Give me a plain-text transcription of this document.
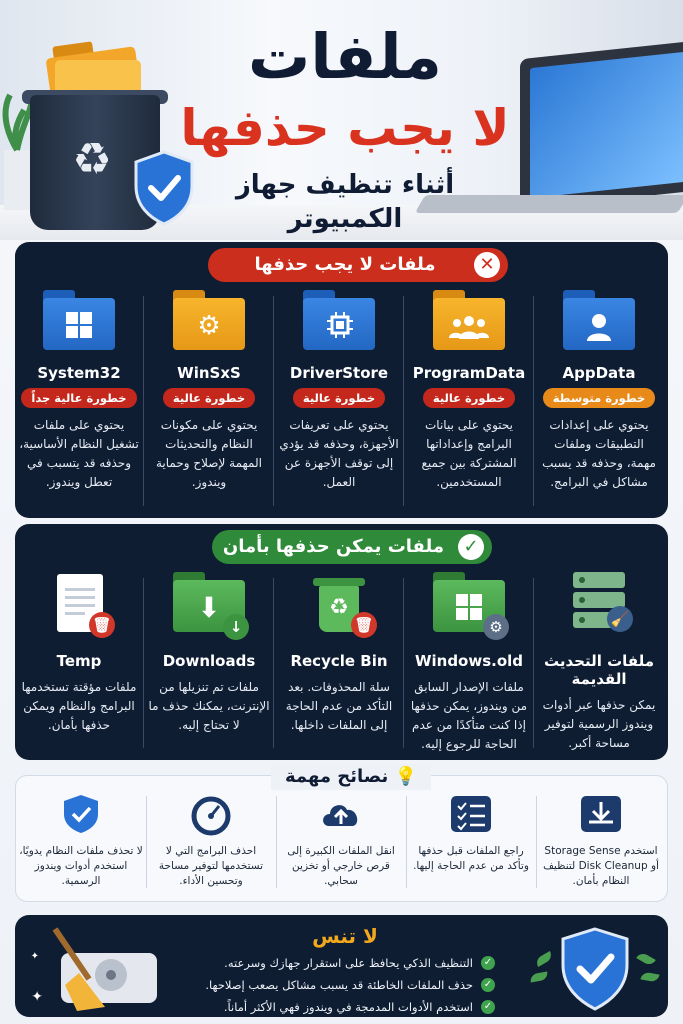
♻
ملفات
لا يجب حذفها
أثناء تنظيف جهاز الكمبيوتر
✕
ملفات لا يجب حذفها
AppData
خطورة متوسطة
يحتوي على إعدادات التطبيقات وملفات مهمة، وحذفه قد يسبب مشاكل في البرامج.
ProgramData
خطورة عالية
يحتوي على بيانات البرامج وإعداداتها المشتركة بين جميع المستخدمين.
DriverStore
خطورة عالية
يحتوي على تعريفات الأجهزة، وحذفه قد يؤدي إلى توقف الأجهزة عن العمل.
⚙
WinSxS
خطورة عالية
يحتوي على مكونات النظام والتحديثات المهمة لإصلاح وحماية ويندوز.
System32
خطورة عالية جداً
يحتوي على ملفات تشغيل النظام الأساسية، وحذفه قد يتسبب في تعطل ويندوز.
✓
ملفات يمكن حذفها بأمان
🧹
ملفات التحديث القديمة
يمكن حذفها عبر أدوات ويندوز الرسمية لتوفير مساحة أكبر.
⚙
Windows.old
ملفات الإصدار السابق من ويندوز، يمكن حذفها إذا كنت متأكدًا من عدم الحاجة للرجوع إليه.
♻
🗑
Recycle Bin
سلة المحذوفات. بعد التأكد من عدم الحاجة إلى الملفات داخلها.
⬇
↓
Downloads
ملفات تم تنزيلها من الإنترنت، يمكنك حذف ما لا تحتاج إليه.
🗑
Temp
ملفات مؤقتة تستخدمها البرامج والنظام ويمكن حذفها بأمان.
💡 نصائح مهمة
استخدم Storage Sense أو Disk Cleanup لتنظيف النظام بأمان.
راجع الملفات قبل حذفها وتأكد من عدم الحاجة إليها.
انقل الملفات الكبيرة إلى قرص خارجي أو تخزين سحابي.
احذف البرامج التي لا تستخدمها لتوفير مساحة وتحسين الأداء.
لا تحذف ملفات النظام يدويًا، استخدم أدوات ويندوز الرسمية.
✦
✦
لا تنس
✓
التنظيف الذكي يحافظ على استقرار جهازك وسرعته.
✓
حذف الملفات الخاطئة قد يسبب مشاكل يصعب إصلاحها.
✓
استخدم الأدوات المدمجة في ويندوز فهي الأكثر أماناً.
